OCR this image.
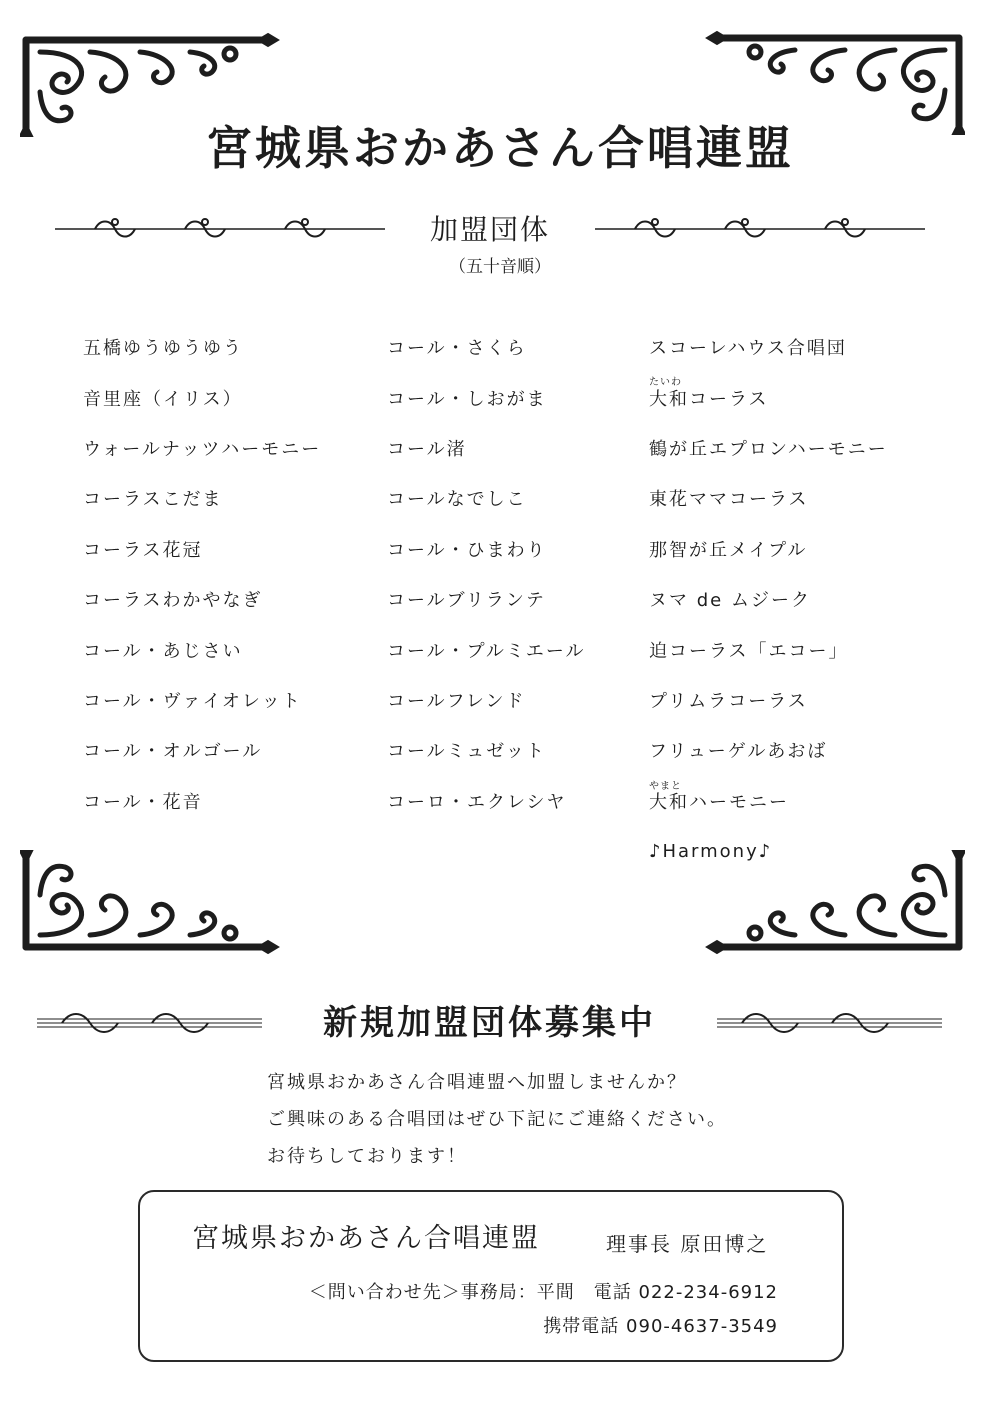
宮城県おかあさん合唱連盟
加盟団体
（五十音順）
五橋ゆうゆうゆう
音里座（イリス）
ウォールナッツハーモニー
コーラスこだま
コーラス花冠
コーラスわかやなぎ
コール・あじさい
コール・ヴァイオレット
コール・オルゴール
コール・花音
コール・さくら
コール・しおがま
コール渚
コールなでしこ
コール・ひまわり
コールブリランテ
コール・プルミエール
コールフレンド
コールミュゼット
コーロ・エクレシヤ
スコーレハウス合唱団
たいわ
大和コーラス
鶴が丘エプロンハーモニー
東花ママコーラス
那智が丘メイプル
ヌマ de ムジーク
迫コーラス「エコー」
プリムラコーラス
フリューゲルあおば
やまと
大和ハーモニー
♪Harmony♪
新規加盟団体募集中

宮城県おかあさん合唱連盟へ加盟しませんか？

ご興味のある合唱団はぜひ下記にご連絡ください。

お待ちしております！

宮城県おかあさん合唱連盟	理事長 原田博之
＜問い合わせ先＞事務局：平間　電話 022-234-6912
携帯電話 090-4637-3549
